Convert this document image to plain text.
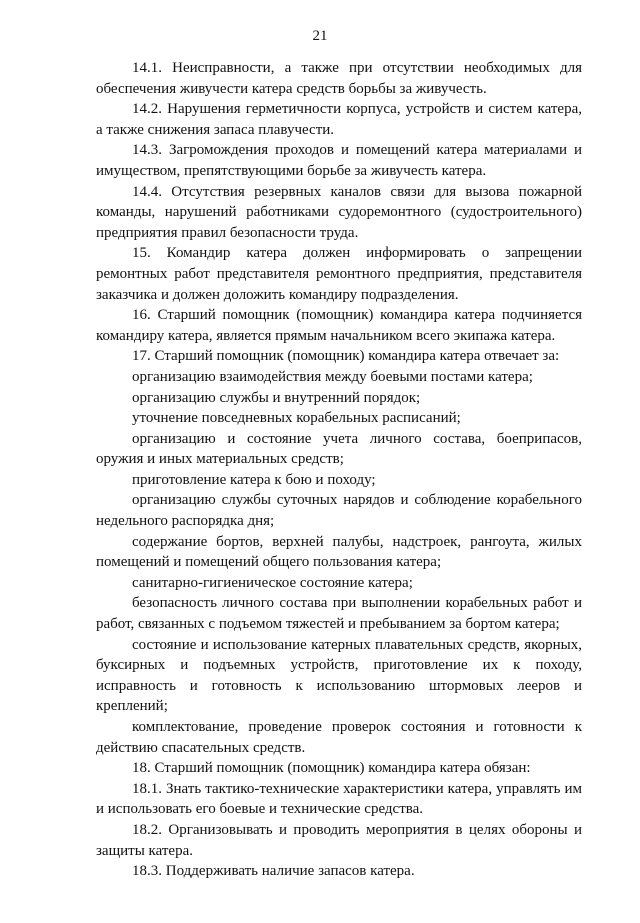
21

14.1. Неисправности, а также при отсутствии необходимых для обеспечения живучести катера средств борьбы за живучесть.

14.2. Нарушения герметичности корпуса, устройств и систем катера, а также снижения запаса плавучести.

14.3. Загромождения проходов и помещений катера материалами и имуществом, препятствующими борьбе за живучесть катера.

14.4. Отсутствия резервных каналов связи для вызова пожарной команды, нарушений работниками судоремонтного (судостроительного) предприятия правил безопасности труда.

15. Командир катера должен информировать о запрещении ремонтных работ представителя ремонтного предприятия, представителя заказчика и должен доложить командиру подразделения.

16. Старший помощник (помощник) командира катера подчиняется командиру катера, является прямым начальником всего экипажа катера.

17. Старший помощник (помощник) командира катера отвечает за:

организацию взаимодействия между боевыми постами катера;

организацию службы и внутренний порядок;

уточнение повседневных корабельных расписаний;

организацию и состояние учета личного состава, боеприпасов, оружия и иных материальных средств;

приготовление катера к бою и походу;

организацию службы суточных нарядов и соблюдение корабельного недельного распорядка дня;

содержание бортов, верхней палубы, надстроек, рангоута, жилых помещений и помещений общего пользования катера;

санитарно-гигиеническое состояние катера;

безопасность личного состава при выполнении корабельных работ и работ, связанных с подъемом тяжестей и пребыванием за бортом катера;

состояние и использование катерных плавательных средств, якорных, буксирных и подъемных устройств, приготовление их к походу, исправность и готовность к использованию штормовых лееров и креплений;

комплектование, проведение проверок состояния и готовности к действию спасательных средств.

18. Старший помощник (помощник) командира катера обязан:

18.1. Знать тактико-технические характеристики катера, управлять им и использовать его боевые и технические средства.

18.2. Организовывать и проводить мероприятия в целях обороны и защиты катера.

18.3. Поддерживать наличие запасов катера.
